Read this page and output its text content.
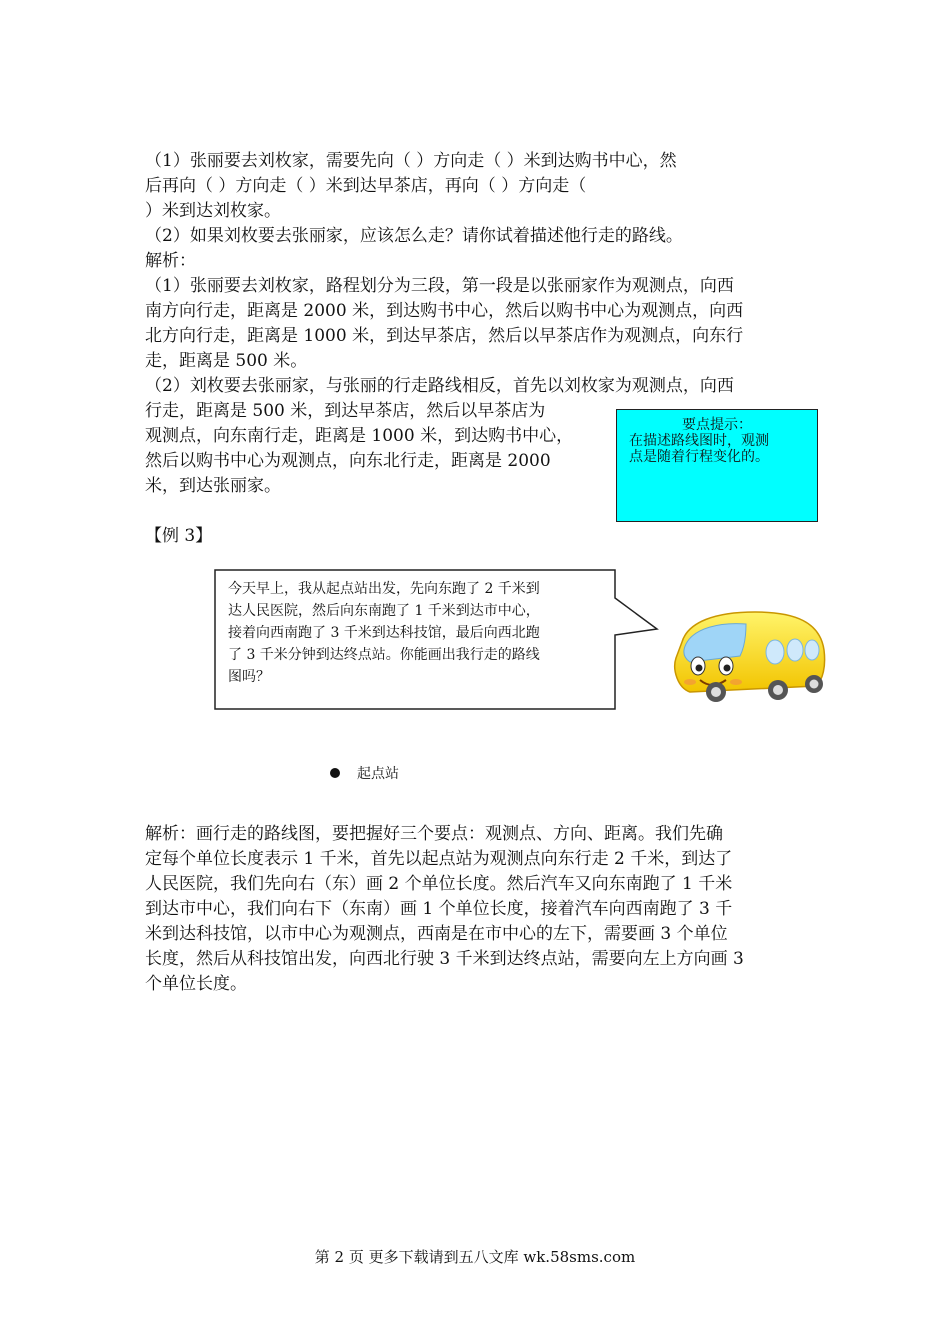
（1）张丽要去刘枚家，需要先向（ ）方向走（ ）米到达购书中心，然
后再向（ ）方向走（ ）米到达早茶店，再向（ ）方向走（
）米到达刘枚家。
（2）如果刘枚要去张丽家，应该怎么走？请你试着描述他行走的路线。
解析：
（1）张丽要去刘枚家，路程划分为三段，第一段是以张丽家作为观测点，向西
南方向行走，距离是 2000 米，到达购书中心，然后以购书中心为观测点，向西
北方向行走，距离是 1000 米，到达早茶店，然后以早茶店作为观测点，向东行
走，距离是 500 米。
（2）刘枚要去张丽家，与张丽的行走路线相反，首先以刘枚家为观测点，向西
行走，距离是 500 米，到达早茶店，然后以早茶店为
观测点，向东南行走，距离是 1000 米，到达购书中心，
然后以购书中心为观测点，向东北行走，距离是 2000
米，到达张丽家。
要点提示：
在描述路线图时，观测
点是随着行程变化的。
【例 3】
今天早上，我从起点站出发，先向东跑了 2 千米到
达人民医院，然后向东南跑了 1 千米到达市中心，
接着向西南跑了 3 千米到达科技馆，最后向西北跑
了 3 千米分钟到达终点站。你能画出我行走的路线
图吗？
起点站
解析：画行走的路线图，要把握好三个要点：观测点、方向、距离。我们先确
定每个单位长度表示 1 千米，首先以起点站为观测点向东行走 2 千米，到达了
人民医院，我们先向右（东）画 2 个单位长度。然后汽车又向东南跑了 1 千米
到达市中心，我们向右下（东南）画 1 个单位长度，接着汽车向西南跑了 3 千
米到达科技馆，以市中心为观测点，西南是在市中心的左下，需要画 3 个单位
长度，然后从科技馆出发，向西北行驶 3 千米到达终点站，需要向左上方向画 3
个单位长度。
第 2 页 更多下载请到五八文库 wk.58sms.com
